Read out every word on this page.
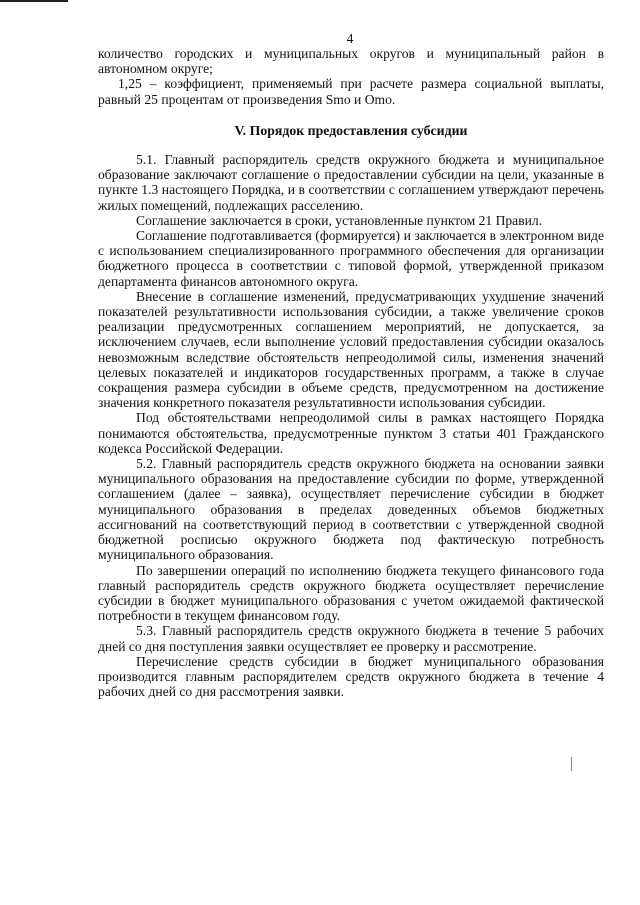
4

количество городских и муниципальных округов и муниципальный район в автономном округе;

1,25 – коэффициент, применяемый при расчете размера социальной выплаты, равный 25 процентам от произведения Smo и Omo.

V. Порядок предоставления субсидии

5.1. Главный распорядитель средств окружного бюджета и муниципальное образование заключают соглашение о предоставлении субсидии на цели, указанные в пункте 1.3 настоящего Порядка, и в соответствии с соглашением утверждают перечень жилых помещений, подлежащих расселению.

Соглашение заключается в сроки, установленные пунктом 21 Правил.

Соглашение подготавливается (формируется) и заключается в электронном виде с использованием специализированного программного обеспечения для организации бюджетного процесса в соответствии с типовой формой, утвержденной приказом департамента финансов автономного округа.

Внесение в соглашение изменений, предусматривающих ухудшение значений показателей результативности использования субсидии, а также увеличение сроков реализации предусмотренных соглашением мероприятий, не допускается, за исключением случаев, если выполнение условий предоставления субсидии оказалось невозможным вследствие обстоятельств непреодолимой силы, изменения значений целевых показателей и индикаторов государственных программ, а также в случае сокращения размера субсидии в объеме средств, предусмотренном на достижение значения конкретного показателя результативности использования субсидии.

Под обстоятельствами непреодолимой силы в рамках настоящего Порядка понимаются обстоятельства, предусмотренные пунктом 3 статьи 401 Гражданского кодекса Российской Федерации.

5.2. Главный распорядитель средств окружного бюджета на основании заявки муниципального образования на предоставление субсидии по форме, утвержденной соглашением (далее – заявка), осуществляет перечисление субсидии в бюджет муниципального образования в пределах доведенных объемов бюджетных ассигнований на соответствующий период в соответствии с утвержденной сводной бюджетной росписью окружного бюджета под фактическую потребность муниципального образования.

По завершении операций по исполнению бюджета текущего финансового года главный распорядитель средств окружного бюджета осуществляет перечисление субсидии в бюджет муниципального образования с учетом ожидаемой фактической потребности в текущем финансовом году.

5.3. Главный распорядитель средств окружного бюджета в течение 5 рабочих дней со дня поступления заявки осуществляет ее проверку и рассмотрение.

Перечисление средств субсидии в бюджет муниципального образования производится главным распорядителем средств окружного бюджета в течение 4 рабочих дней со дня рассмотрения заявки.
